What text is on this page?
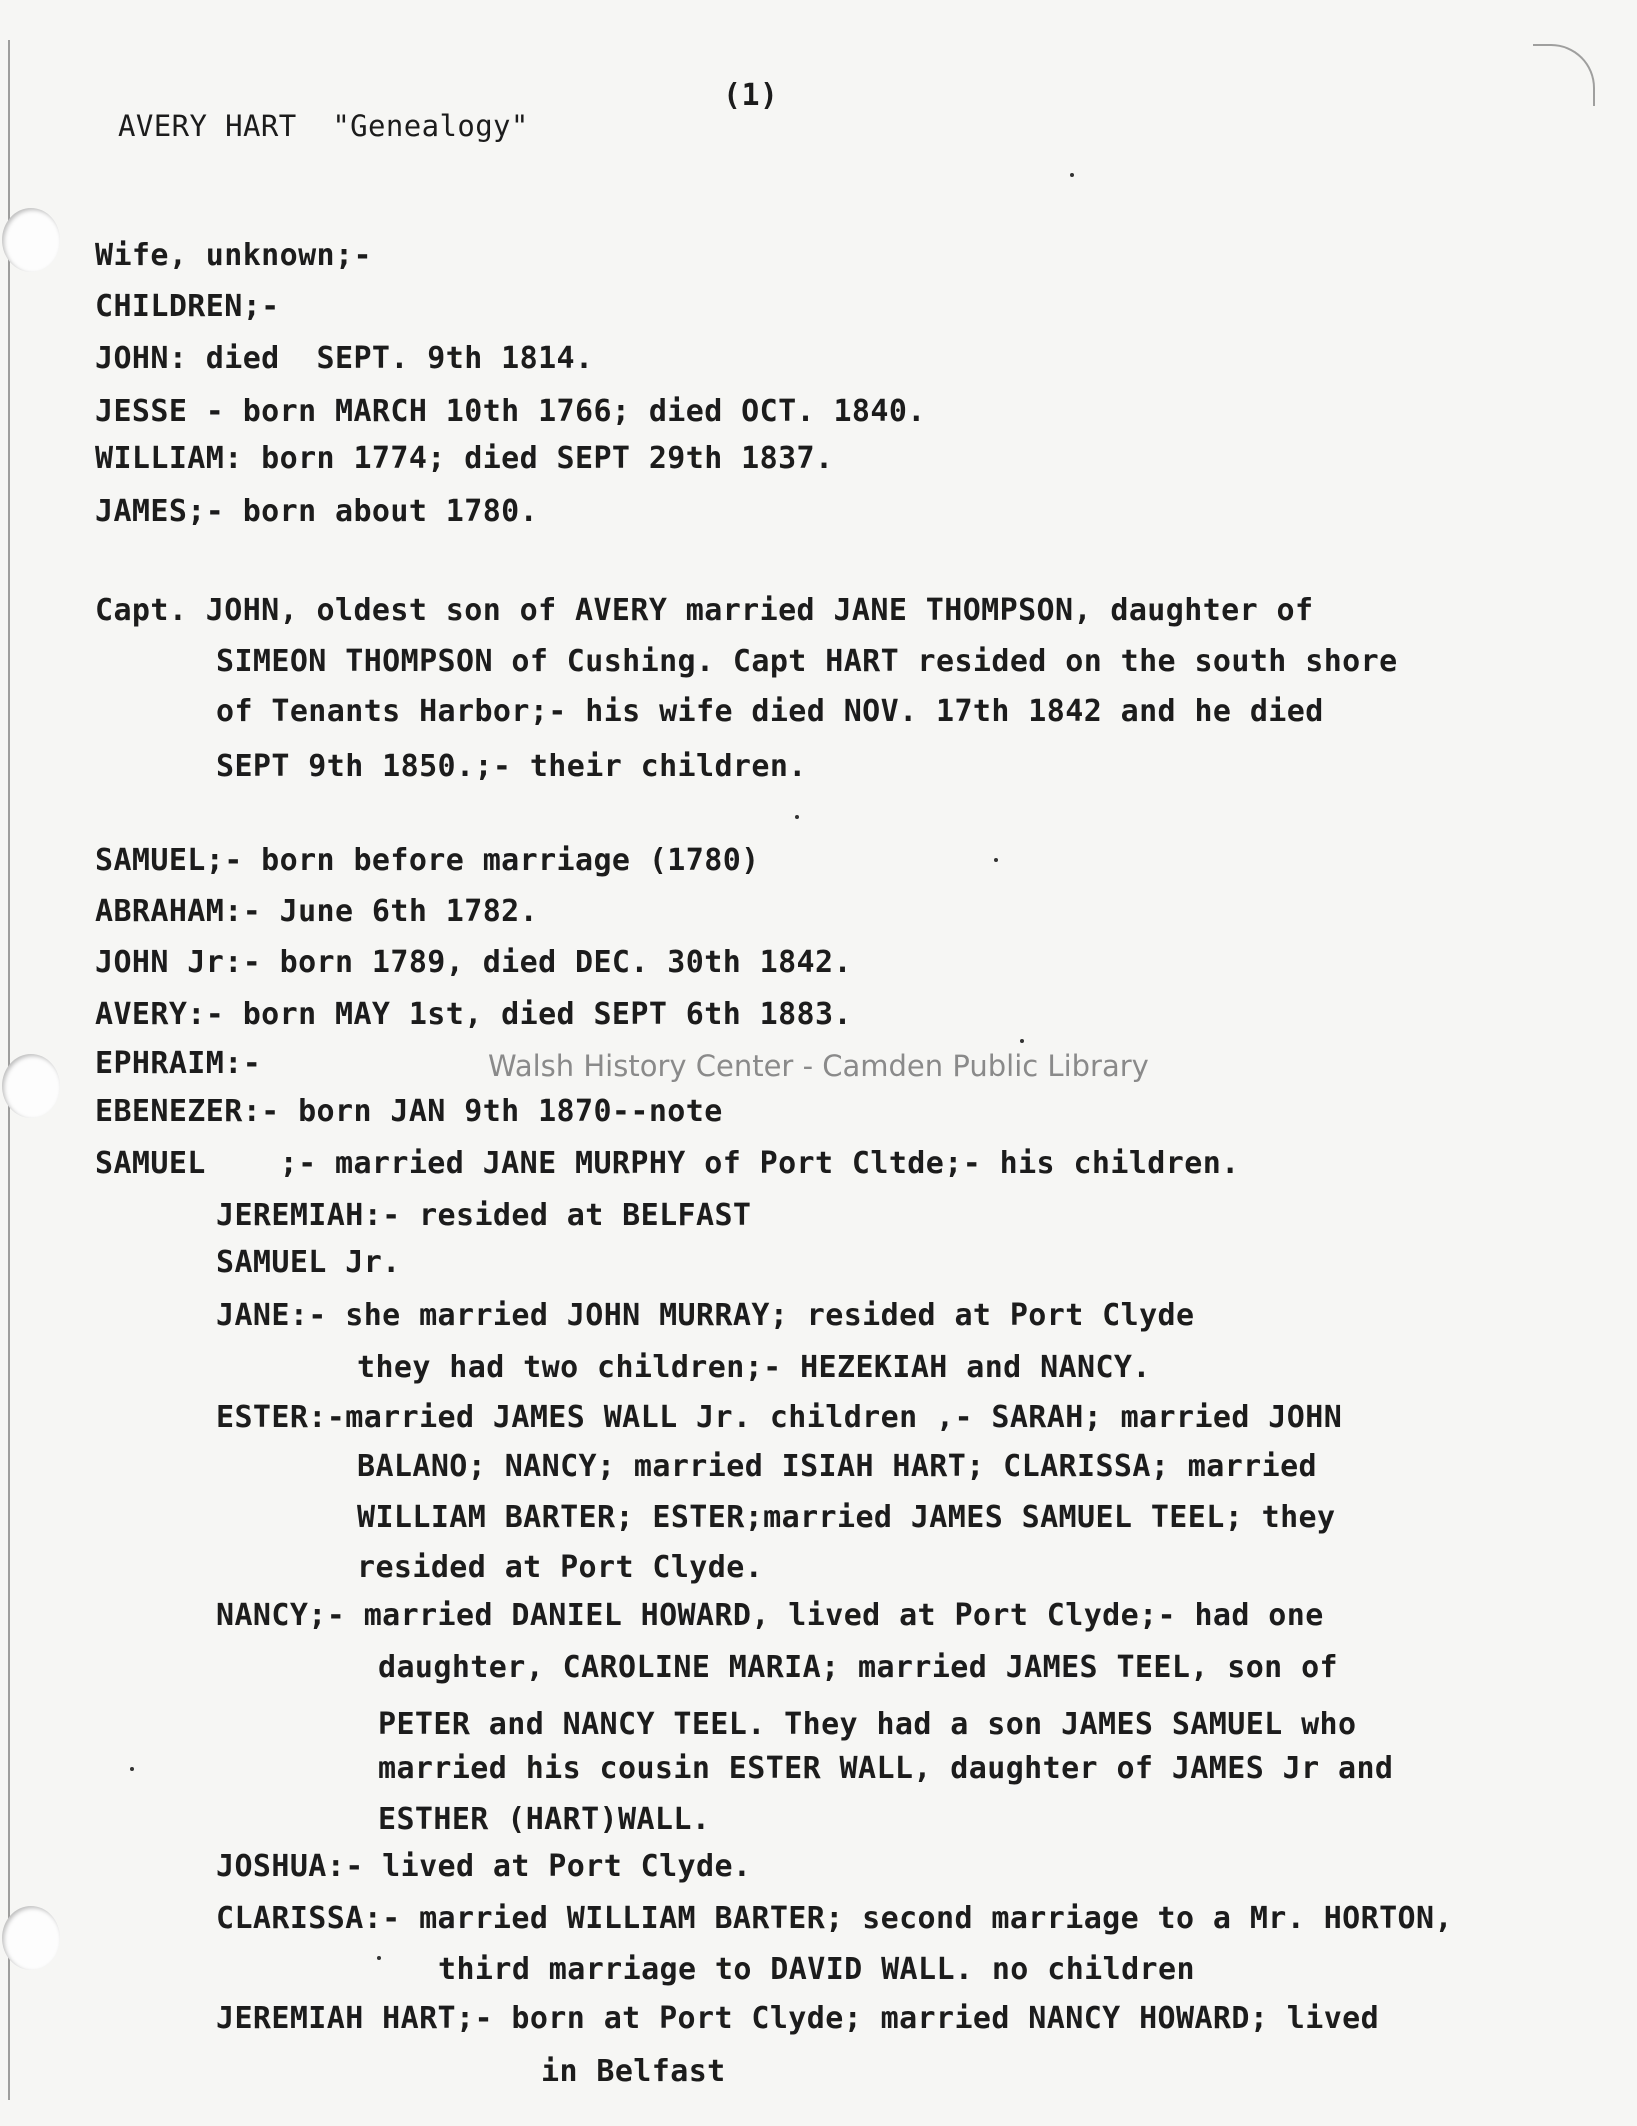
(1)
AVERY HART  "Genealogy"
Walsh History Center - Camden Public Library
Wife, unknown;-
CHILDREN;-
JOHN: died  SEPT. 9th 1814.
JESSE - born MARCH 10th 1766; died OCT. 1840.
WILLIAM: born 1774; died SEPT 29th 1837.
JAMES;- born about 1780.
Capt. JOHN, oldest son of AVERY married JANE THOMPSON, daughter of
SIMEON THOMPSON of Cushing. Capt HART resided on the south shore
of Tenants Harbor;- his wife died NOV. 17th 1842 and he died
SEPT 9th 1850.;- their children.
SAMUEL;- born before marriage (1780)
ABRAHAM:- June 6th 1782.
JOHN Jr:- born 1789, died DEC. 30th 1842.
AVERY:- born MAY 1st, died SEPT 6th 1883.
EPHRAIM:-
EBENEZER:- born JAN 9th 1870--note
SAMUEL    ;- married JANE MURPHY of Port Cltde;- his children.
JEREMIAH:- resided at BELFAST
SAMUEL Jr.
JANE:- she married JOHN MURRAY; resided at Port Clyde
they had two children;- HEZEKIAH and NANCY.
ESTER:-married JAMES WALL Jr. children ,- SARAH; married JOHN
BALANO; NANCY; married ISIAH HART; CLARISSA; married
WILLIAM BARTER; ESTER;married JAMES SAMUEL TEEL; they
resided at Port Clyde.
NANCY;- married DANIEL HOWARD, lived at Port Clyde;- had one
daughter, CAROLINE MARIA; married JAMES TEEL, son of
PETER and NANCY TEEL. They had a son JAMES SAMUEL who
married his cousin ESTER WALL, daughter of JAMES Jr and
ESTHER (HART)WALL.
JOSHUA:- lived at Port Clyde.
CLARISSA:- married WILLIAM BARTER; second marriage to a Mr. HORTON,
third marriage to DAVID WALL. no children
JEREMIAH HART;- born at Port Clyde; married NANCY HOWARD; lived
in Belfast
